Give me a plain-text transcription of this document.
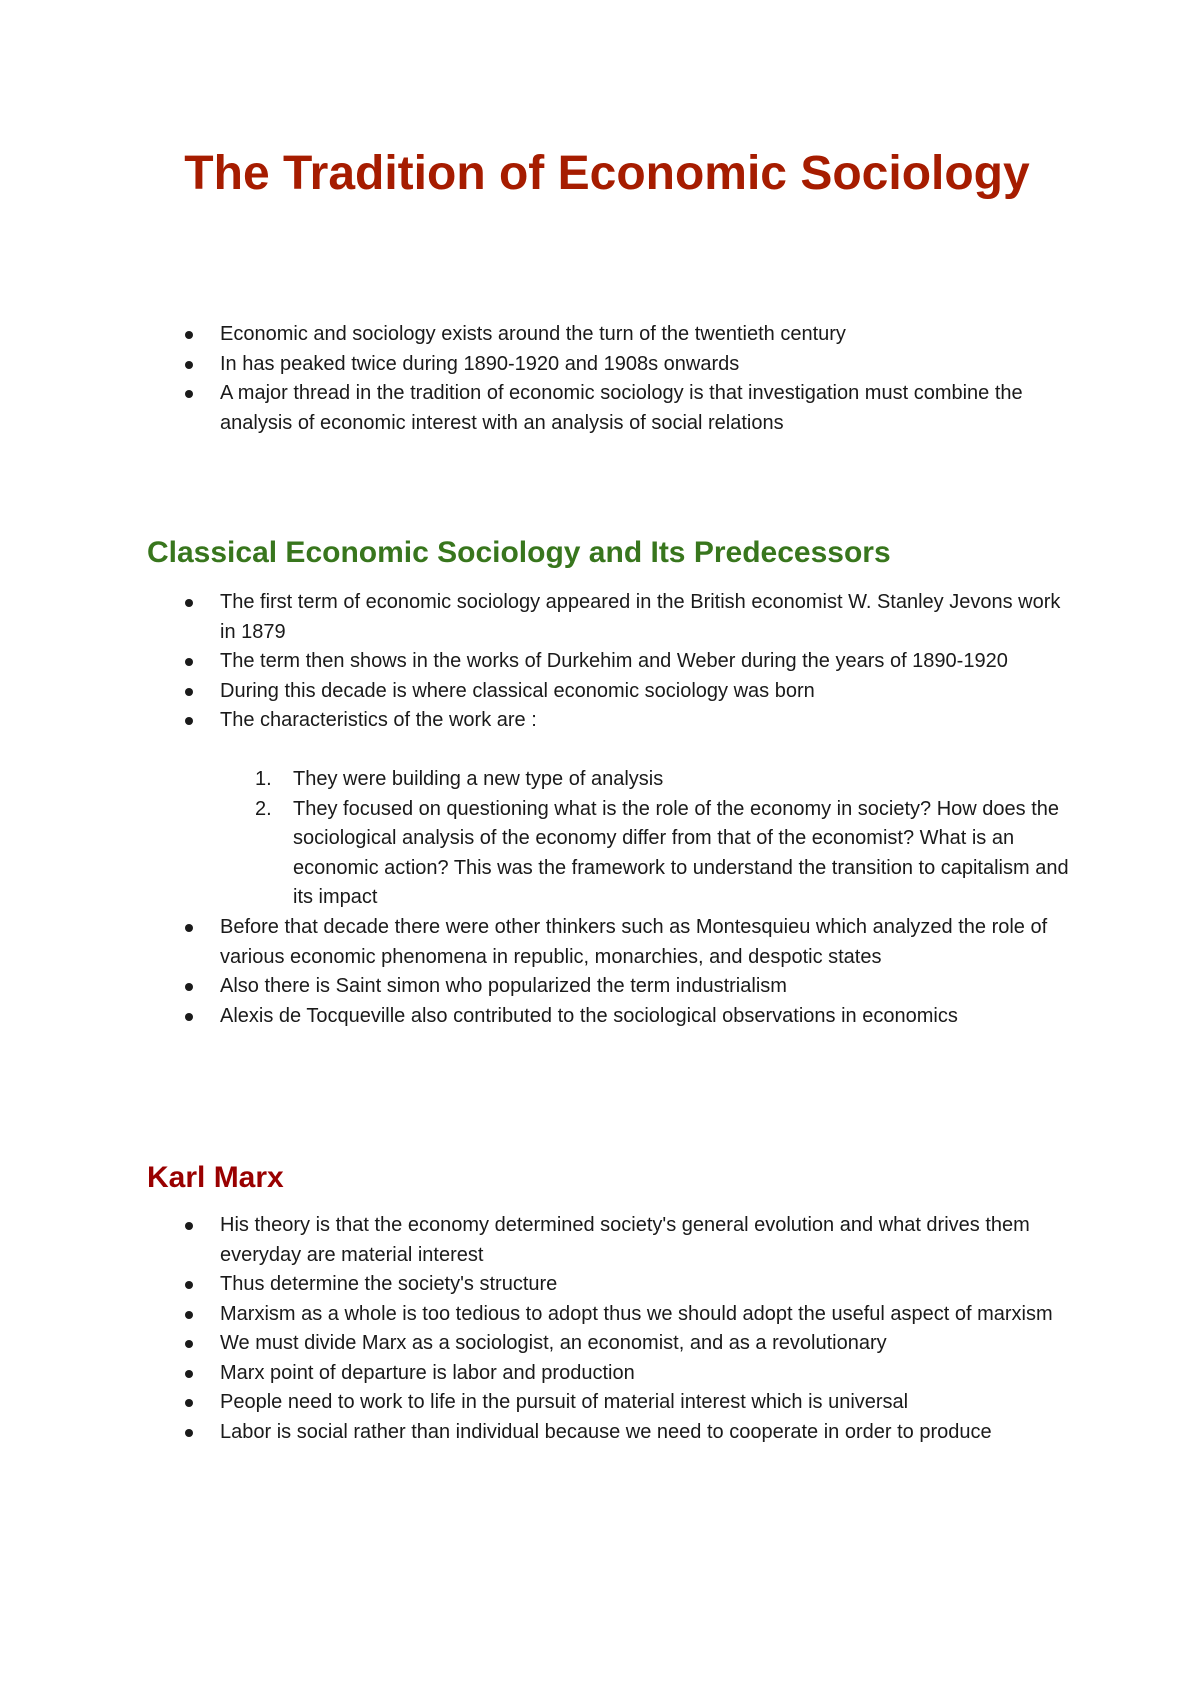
The Tradition of Economic Sociology
Economic and sociology exists around the turn of the twentieth century
In has peaked twice during 1890-1920 and 1908s onwards
A major thread in the tradition of economic sociology is that investigation must combine the analysis of economic interest with an analysis of social relations
Classical Economic Sociology and Its Predecessors
The first term of economic sociology appeared in the British economist W. Stanley Jevons work in 1879
The term then shows in the works of Durkehim and Weber during the years of 1890-1920
During this decade is where classical economic sociology was born
The characteristics of the work are :
1. They were building a new type of analysis
2. They focused on questioning what is the role of the economy in society? How does the sociological analysis of the economy differ from that of the economist? What is an economic action? This was the framework to understand the transition to capitalism and its impact
Before that decade there were other thinkers such as Montesquieu which analyzed the role of various economic phenomena in republic, monarchies, and despotic states
Also there is Saint simon who popularized the term industrialism
Alexis de Tocqueville also contributed to the sociological observations in economics
Karl Marx
His theory is that the economy determined society's general evolution and what drives them everyday are material interest
Thus determine the society's structure
Marxism as a whole is too tedious to adopt thus we should adopt the useful aspect of marxism
We must divide Marx as a sociologist, an economist, and as a revolutionary
Marx point of departure is labor and production
People need to work to life in the pursuit of material interest which is universal
Labor is social rather than individual because we need to cooperate in order to produce
